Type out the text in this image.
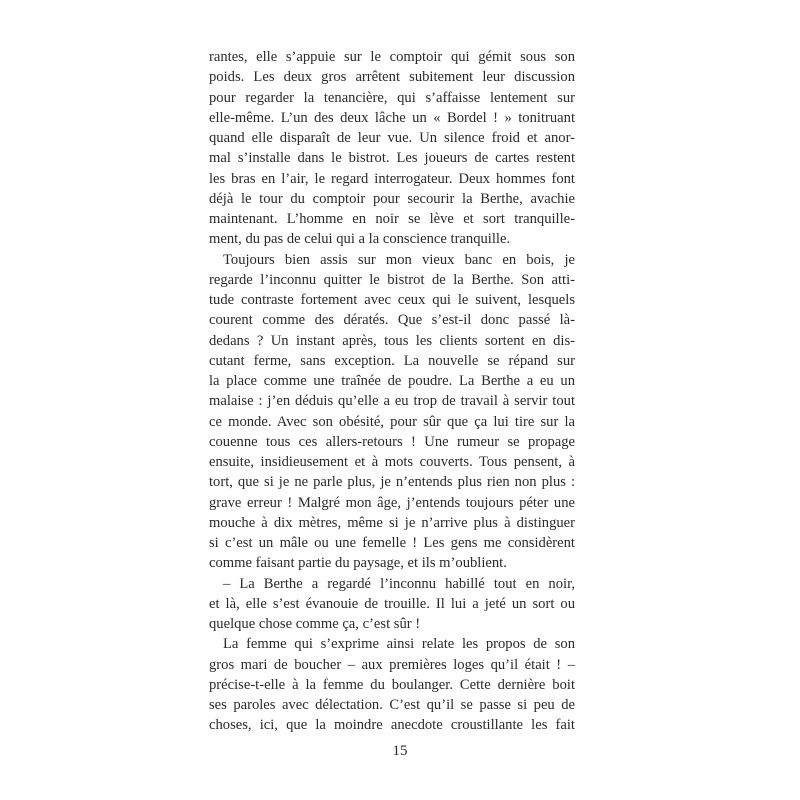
rantes, elle s’appuie sur le comptoir qui gémit sous son
poids. Les deux gros arrêtent subitement leur discussion
pour regarder la tenancière, qui s’affaisse lentement sur
elle-même. L’un des deux lâche un « Bordel ! » tonitruant
quand elle disparaît de leur vue. Un silence froid et anor-
mal s’installe dans le bistrot. Les joueurs de cartes restent
les bras en l’air, le regard interrogateur. Deux hommes font
déjà le tour du comptoir pour secourir la Berthe, avachie
maintenant. L’homme en noir se lève et sort tranquille-
ment, du pas de celui qui a la conscience tranquille.
Toujours bien assis sur mon vieux banc en bois, je
regarde l’inconnu quitter le bistrot de la Berthe. Son atti-
tude contraste fortement avec ceux qui le suivent, lesquels
courent comme des dératés. Que s’est-il donc passé là-
dedans ? Un instant après, tous les clients sortent en dis-
cutant ferme, sans exception. La nouvelle se répand sur
la place comme une traînée de poudre. La Berthe a eu un
malaise : j’en déduis qu’elle a eu trop de travail à servir tout
ce monde. Avec son obésité, pour sûr que ça lui tire sur la
couenne tous ces allers-retours ! Une rumeur se propage
ensuite, insidieusement et à mots couverts. Tous pensent, à
tort, que si je ne parle plus, je n’entends plus rien non plus :
grave erreur ! Malgré mon âge, j’entends toujours péter une
mouche à dix mètres, même si je n’arrive plus à distinguer
si c’est un mâle ou une femelle ! Les gens me considèrent
comme faisant partie du paysage, et ils m’oublient.
– La Berthe a regardé l’inconnu habillé tout en noir,
et là, elle s’est évanouie de trouille. Il lui a jeté un sort ou
quelque chose comme ça, c’est sûr !
La femme qui s’exprime ainsi relate les propos de son
gros mari de boucher – aux premières loges qu’il était ! –
précise-t-elle à la femme du boulanger. Cette dernière boit
ses paroles avec délectation. C’est qu’il se passe si peu de
choses, ici, que la moindre anecdote croustillante les fait
15
